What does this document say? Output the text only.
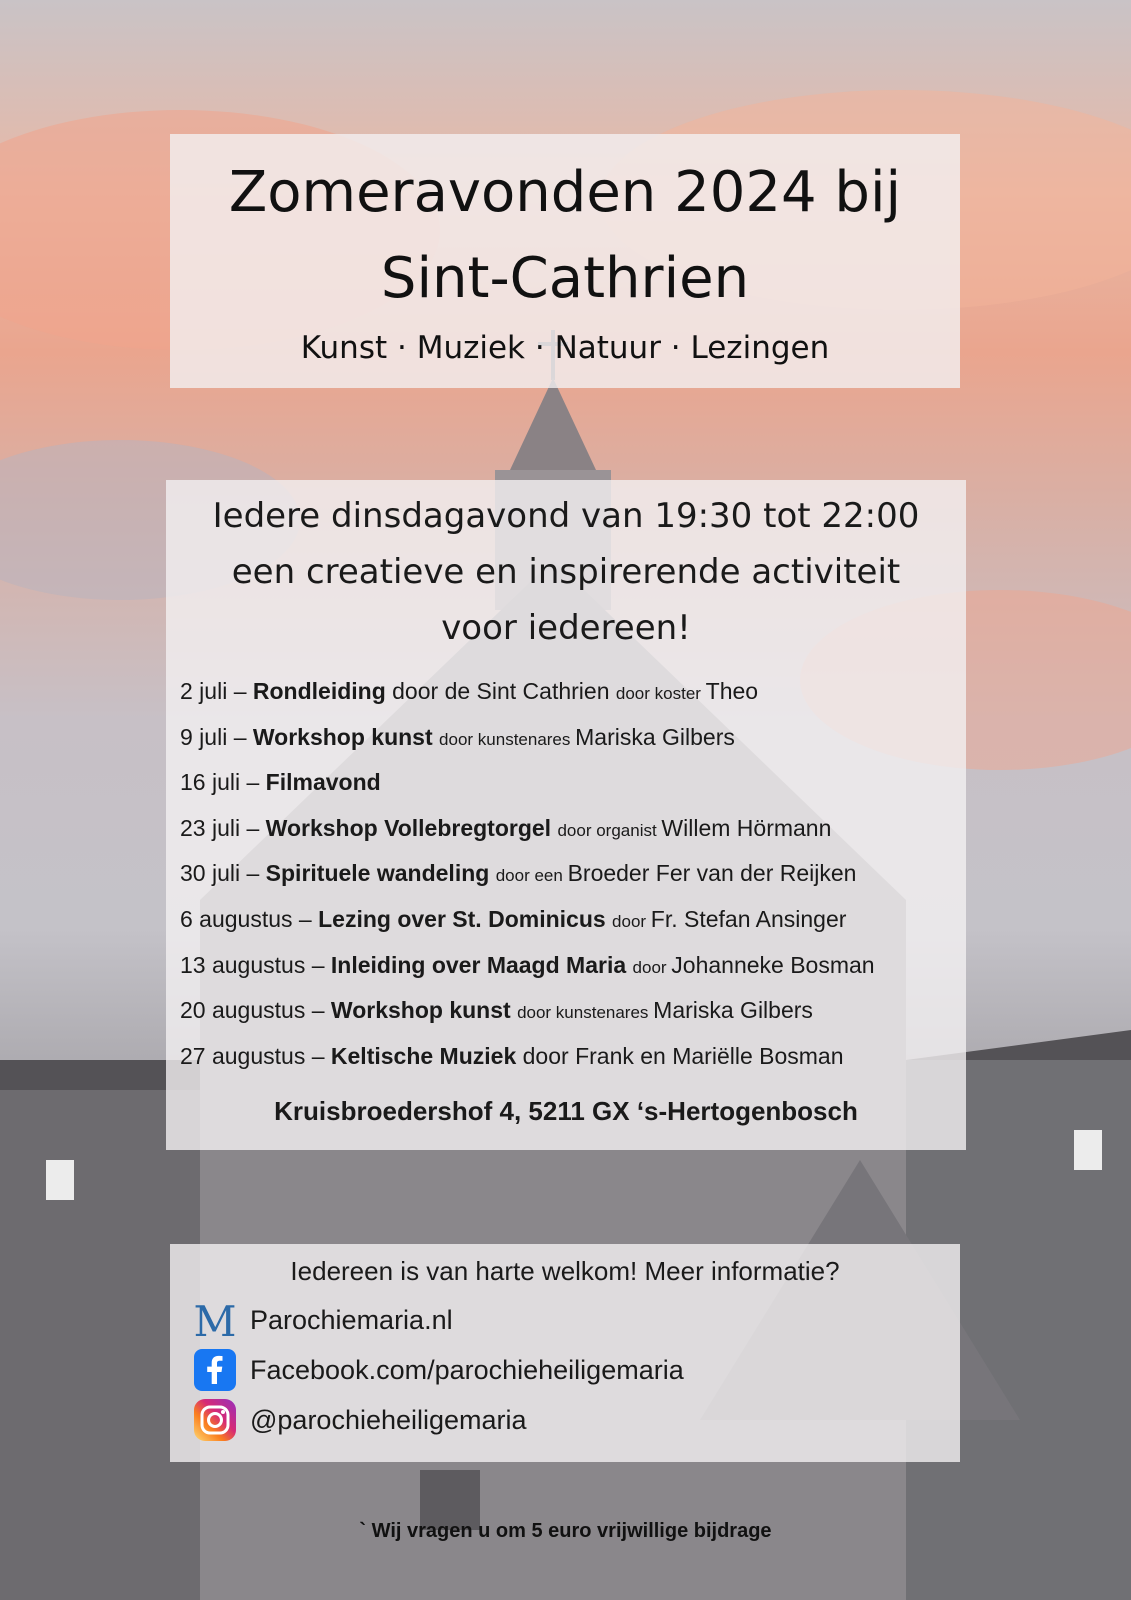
Zomeravonden 2024 bij
Sint-Cathrien
Kunst · Muziek · Natuur · Lezingen
Iedere dinsdagavond van 19:30 tot 22:00
een creatieve en inspirerende activiteit
voor iedereen!
2 juli – Rondleiding door de Sint Cathrien door koster Theo
9 juli – Workshop kunst door kunstenares Mariska Gilbers
16 juli – Filmavond
23 juli – Workshop Vollebregtorgel door organist Willem Hörmann
30 juli – Spirituele wandeling door een Broeder Fer van der Reijken
6 augustus – Lezing over St. Dominicus door Fr. Stefan Ansinger
13 augustus – Inleiding over Maagd Maria door Johanneke Bosman
20 augustus – Workshop kunst door kunstenares Mariska Gilbers
27 augustus – Keltische Muziek door Frank en Mariëlle Bosman
Kruisbroedershof 4, 5211 GX ‘s-Hertogenbosch
Iedereen is van harte welkom! Meer informatie?
M Parochiemaria.nl
Facebook.com/parochieheiligemaria
@parochieheiligemaria
` Wij vragen u om 5 euro vrijwillige bijdrage
